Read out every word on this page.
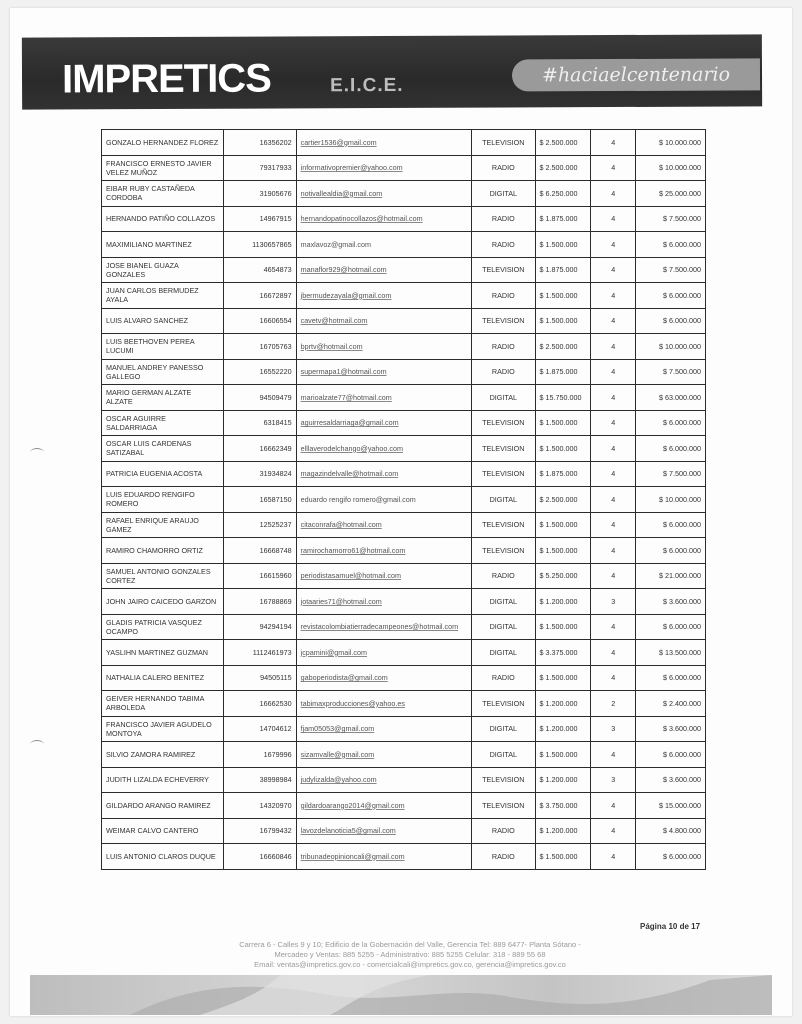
IMPRETICS	E.I.C.E.	#haciaelcentenario
GONZALO HERNANDEZ FLOREZ	16356202	cartier1536@gmail.com	TELEVISION	$ 2.500.000	4	$ 10.000.000
FRANCISCO ERNESTO JAVIER VELEZ MUÑOZ	79317933	informativopremier@yahoo.com	RADIO	$ 2.500.000	4	$ 10.000.000
EIBAR RUBY CASTAÑEDA CORDOBA	31905676	notivallealdia@gmail.com	DIGITAL	$ 6.250.000	4	$ 25.000.000
HERNANDO PATIÑO COLLAZOS	14967915	hernandopatinocollazos@hotmail.com	RADIO	$ 1.875.000	4	$ 7.500.000
MAXIMILIANO MARTINEZ	1130657865	maxlavoz@gmail.com	RADIO	$ 1.500.000	4	$ 6.000.000
JOSE BIANEL GUAZA GONZALES	4654873	manaflor929@hotmail.com	TELEVISION	$ 1.875.000	4	$ 7.500.000
JUAN CARLOS BERMUDEZ AYALA	16672897	jbermudezayala@gmail.com	RADIO	$ 1.500.000	4	$ 6.000.000
LUIS ALVARO SANCHEZ	16606554	cavetv@hotmail.com	TELEVISION	$ 1.500.000	4	$ 6.000.000
LUIS BEETHOVEN PEREA LUCUMI	16705763	bprtv@hotmail.com	RADIO	$ 2.500.000	4	$ 10.000.000
MANUEL ANDREY PANESSO GALLEGO	16552220	supermapa1@hotmail.com	RADIO	$ 1.875.000	4	$ 7.500.000
MARIO GERMAN ALZATE ALZATE	94509479	marioalzate77@hotmail.com	DIGITAL	$ 15.750.000	4	$ 63.000.000
OSCAR AGUIRRE SALDARRIAGA	6318415	aguirresaldarriaga@gmail.com	TELEVISION	$ 1.500.000	4	$ 6.000.000
OSCAR LUIS CARDENAS SATIZABAL	16662349	elllaverodelchango@yahoo.com	TELEVISION	$ 1.500.000	4	$ 6.000.000
PATRICIA EUGENIA ACOSTA	31934824	magazindelvalle@hotmail.com	TELEVISION	$ 1.875.000	4	$ 7.500.000
LUIS EDUARDO RENGIFO ROMERO	16587150	eduardo rengifo romero@gmail.com	DIGITAL	$ 2.500.000	4	$ 10.000.000
RAFAEL ENRIQUE ARAUJO GAMEZ	12525237	citaconrafa@hotmail.com	TELEVISION	$ 1.500.000	4	$ 6.000.000
RAMIRO CHAMORRO ORTIZ	16668748	ramirochamorro61@hotmail.com	TELEVISION	$ 1.500.000	4	$ 6.000.000
SAMUEL ANTONIO GONZALES CORTEZ	16615960	periodistasamuel@hotmail.com	RADIO	$ 5.250.000	4	$ 21.000.000
JOHN JAIRO CAICEDO GARZON	16788869	jotaaries71@hotmail.com	DIGITAL	$ 1.200.000	3	$ 3.600.000
GLADIS PATRICIA VASQUEZ OCAMPO	94294194	revistacolombiatierradecampeones@hotmail.com	DIGITAL	$ 1.500.000	4	$ 6.000.000
YASLIHN MARTINEZ GUZMAN	1112461973	jcpamini@gmail.com	DIGITAL	$ 3.375.000	4	$ 13.500.000
NATHALIA CALERO BENITEZ	94505115	gaboperiodista@gmail.com	RADIO	$ 1.500.000	4	$ 6.000.000
GEIVER HERNANDO TABIMA ARBOLEDA	16662530	tabimaxproducciones@yahoo.es	TELEVISION	$ 1.200.000	2	$ 2.400.000
FRANCISCO JAVIER AGUDELO MONTOYA	14704612	fjam05053@gmail.com	DIGITAL	$ 1.200.000	3	$ 3.600.000
SILVIO ZAMORA RAMIREZ	1679996	sizamvalle@gmail.com	DIGITAL	$ 1.500.000	4	$ 6.000.000
JUDITH LIZALDA ECHEVERRY	38998984	judylizalda@yahoo.com	TELEVISION	$ 1.200.000	3	$ 3.600.000
GILDARDO ARANGO RAMIREZ	14320970	gildardoarango2014@gmail.com	TELEVISION	$ 3.750.000	4	$ 15.000.000
WEIMAR CALVO CANTERO	16799432	lavozdelanoticia5@gmail.com	RADIO	$ 1.200.000	4	$ 4.800.000
LUIS ANTONIO CLAROS DUQUE	16660846	tribunadeopinioncali@gmail.com	RADIO	$ 1.500.000	4	$ 6.000.000
Página 10 de 17
Carrera 6 - Calles 9 y 10; Edificio de la Gobernación del Valle, Gerencia Tel: 889 6477- Planta Sótano -
Mercadeo y Ventas: 885 5255 - Administrativo: 885 5255 Celular: 318 - 889 55 68
Email: ventas@impretics.gov.co - comercialcali@impretics.gov.co, gerencia@impretics.gov.co
